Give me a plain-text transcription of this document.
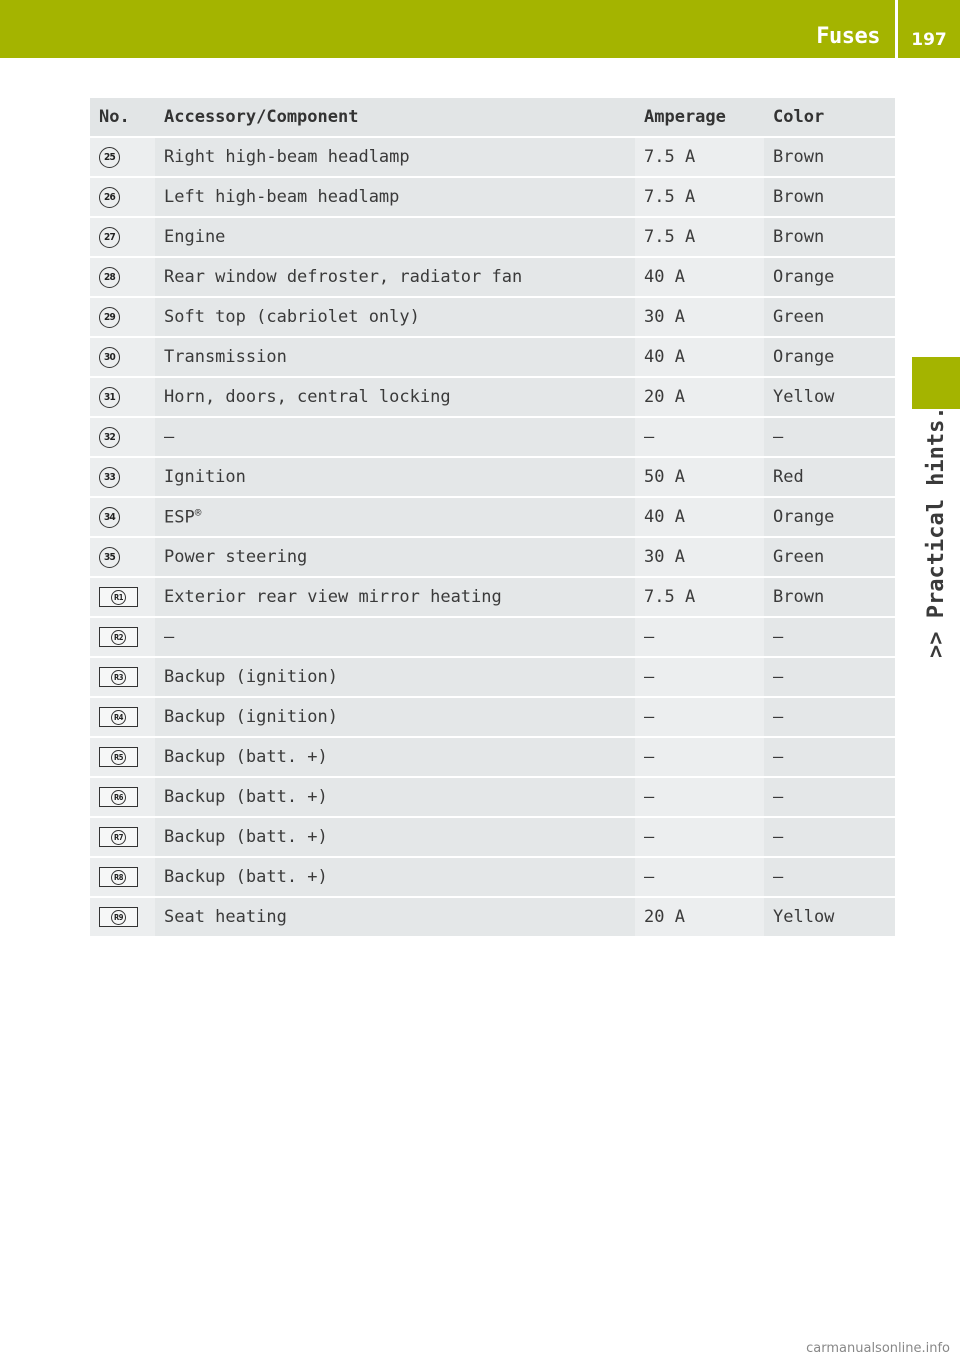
Fuses	197
>> Practical hints.
No.	Accessory/Component	Amperage	Color
25	Right high-beam headlamp	7.5 A	Brown
26	Left high-beam headlamp	7.5 A	Brown
27	Engine	7.5 A	Brown
28	Rear window defroster, radiator fan	40 A	Orange
29	Soft top (cabriolet only)	30 A	Green
30	Transmission	40 A	Orange
31	Horn, doors, central locking	20 A	Yellow
32	—	—	—
33	Ignition	50 A	Red
34	ESP®	40 A	Orange
35	Power steering	30 A	Green
R1	Exterior rear view mirror heating	7.5 A	Brown
R2	—	—	—
R3	Backup (ignition)	—	—
R4	Backup (ignition)	—	—
R5	Backup (batt. +)	—	—
R6	Backup (batt. +)	—	—
R7	Backup (batt. +)	—	—
R8	Backup (batt. +)	—	—
R9	Seat heating	20 A	Yellow
carmanualsonline.info
